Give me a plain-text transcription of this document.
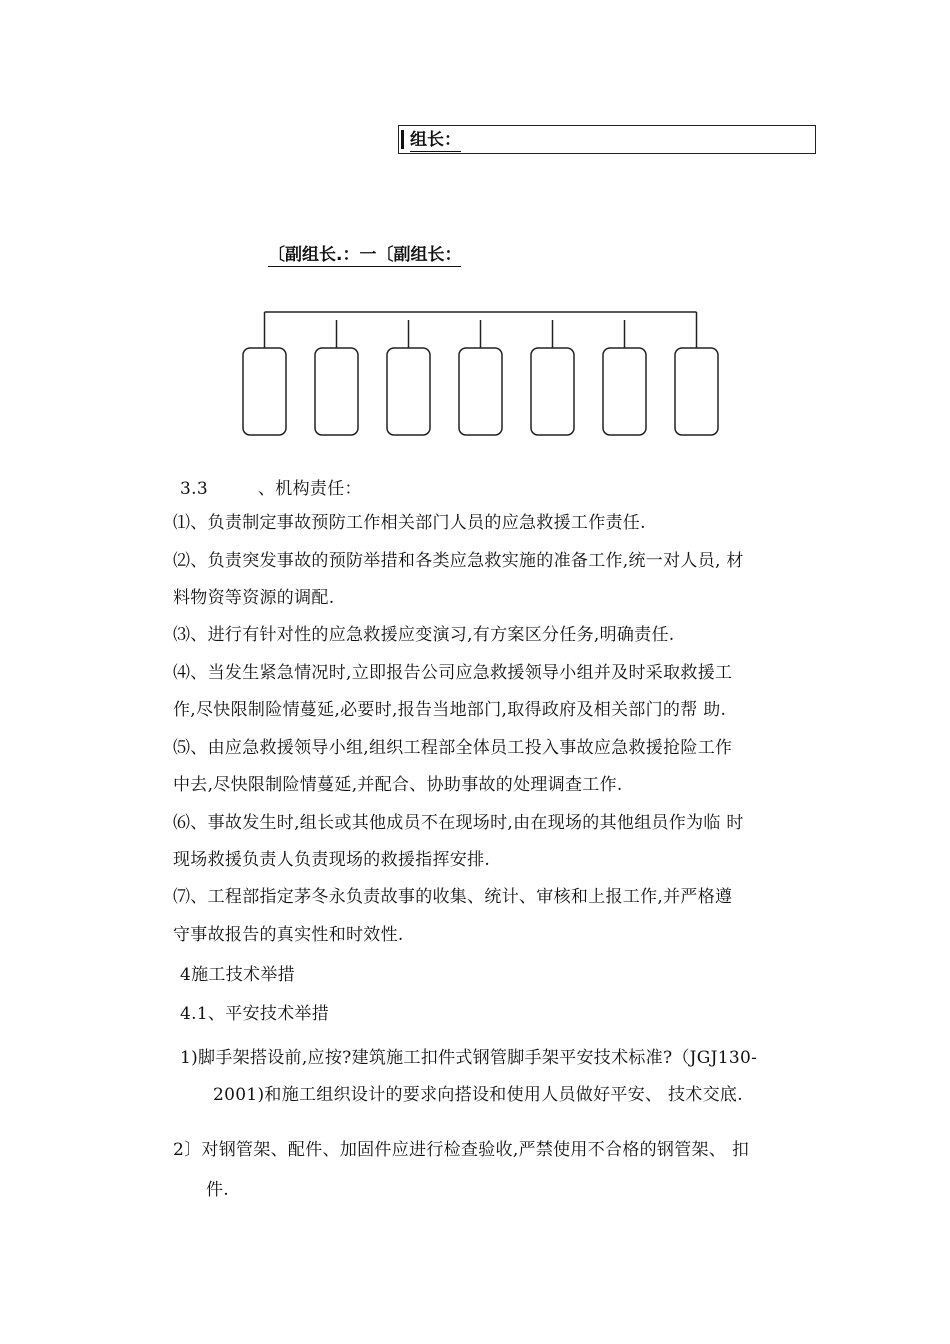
组长：
〔副组长.：一〔副组长：
3.3	、机构责任：
⑴、负责制定事故预防工作相关部门人员的应急救援工作责任.
⑵、负责突发事故的预防举措和各类应急救实施的准备工作,统一对人员, 材
料物资等资源的调配.
⑶、进行有针对性的应急救援应变演习,有方案区分任务,明确责任.
⑷、当发生紧急情况时,立即报告公司应急救援领导小组并及时采取救援工
作,尽快限制险情蔓延,必要时,报告当地部门,取得政府及相关部门的帮 助.
⑸、由应急救援领导小组,组织工程部全体员工投入事故应急救援抢险工作
中去,尽快限制险情蔓延,并配合、协助事故的处理调查工作.
⑹、事故发生时,组长或其他成员不在现场时,由在现场的其他组员作为临 时
现场救援负责人负责现场的救援指挥安排.
⑺、工程部指定茅冬永负责故事的收集、统计、审核和上报工作,并严格遵
守事故报告的真实性和时效性.
4施工技术举措
4.1、平安技术举措
1)脚手架搭设前,应按?建筑施工扣件式钢管脚手架平安技术标准?（JGJ130-
2001)和施工组织设计的要求向搭设和使用人员做好平安、 技术交底.
2〕对钢管架、配件、加固件应进行检查验收,严禁使用不合格的钢管架、 扣
件.
